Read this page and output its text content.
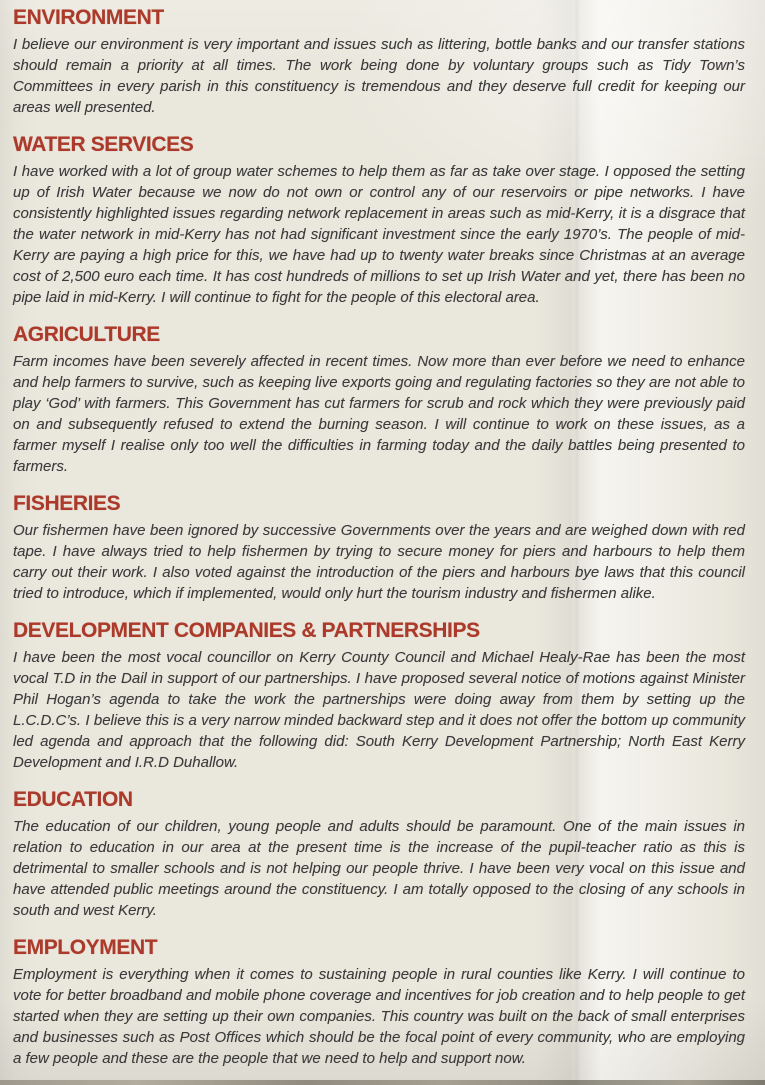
ENVIRONMENT

I believe our environment is very important and issues such as littering, bottle banks and our transfer stations should remain a priority at all times. The work being done by voluntary groups such as Tidy Town’s Committees in every parish in this constituency is tremendous and they deserve full credit for keeping our areas well presented.

WATER SERVICES

I have worked with a lot of group water schemes to help them as far as take over stage. I opposed the setting up of Irish Water because we now do not own or control any of our reservoirs or pipe networks. I have consistently highlighted issues regarding network replacement in areas such as mid-Kerry, it is a disgrace that the water network in mid-Kerry has not had significant investment since the early 1970’s. The people of mid-Kerry are paying a high price for this, we have had up to twenty water breaks since Christmas at an average cost of 2,500 euro each time. It has cost hundreds of millions to set up Irish Water and yet, there has been no pipe laid in mid-Kerry. I will continue to fight for the people of this electoral area.

AGRICULTURE

Farm incomes have been severely affected in recent times. Now more than ever before we need to enhance and help farmers to survive, such as keeping live exports going and regulating factories so they are not able to play ‘God’ with farmers. This Government has cut farmers for scrub and rock which they were previously paid on and subsequently refused to extend the burning season. I will continue to work on these issues, as a farmer myself I realise only too well the difficulties in farming today and the daily battles being presented to farmers.

FISHERIES

Our fishermen have been ignored by successive Governments over the years and are weighed down with red tape. I have always tried to help fishermen by trying to secure money for piers and harbours to help them carry out their work. I also voted against the introduction of the piers and harbours bye laws that this council tried to introduce, which if implemented, would only hurt the tourism industry and fishermen alike.

DEVELOPMENT COMPANIES & PARTNERSHIPS

I have been the most vocal councillor on Kerry County Council and Michael Healy-Rae has been the most vocal T.D in the Dail in support of our partnerships. I have proposed several notice of motions against Minister Phil Hogan’s agenda to take the work the partnerships were doing away from them by setting up the L.C.D.C’s. I believe this is a very narrow minded backward step and it does not offer the bottom up community led agenda and approach that the following did: South Kerry Development Partnership; North East Kerry Development and I.R.D Duhallow.

EDUCATION

The education of our children, young people and adults should be paramount. One of the main issues in relation to education in our area at the present time is the increase of the pupil-teacher ratio as this is detrimental to smaller schools and is not helping our people thrive. I have been very vocal on this issue and have attended public meetings around the constituency. I am totally opposed to the closing of any schools in south and west Kerry.

EMPLOYMENT

Employment is everything when it comes to sustaining people in rural counties like Kerry. I will continue to vote for better broadband and mobile phone coverage and incentives for job creation and to help people to get started when they are setting up their own companies. This country was built on the back of small enterprises and businesses such as Post Offices which should be the focal point of every community, who are employing a few people and these are the people that we need to help and support now.
